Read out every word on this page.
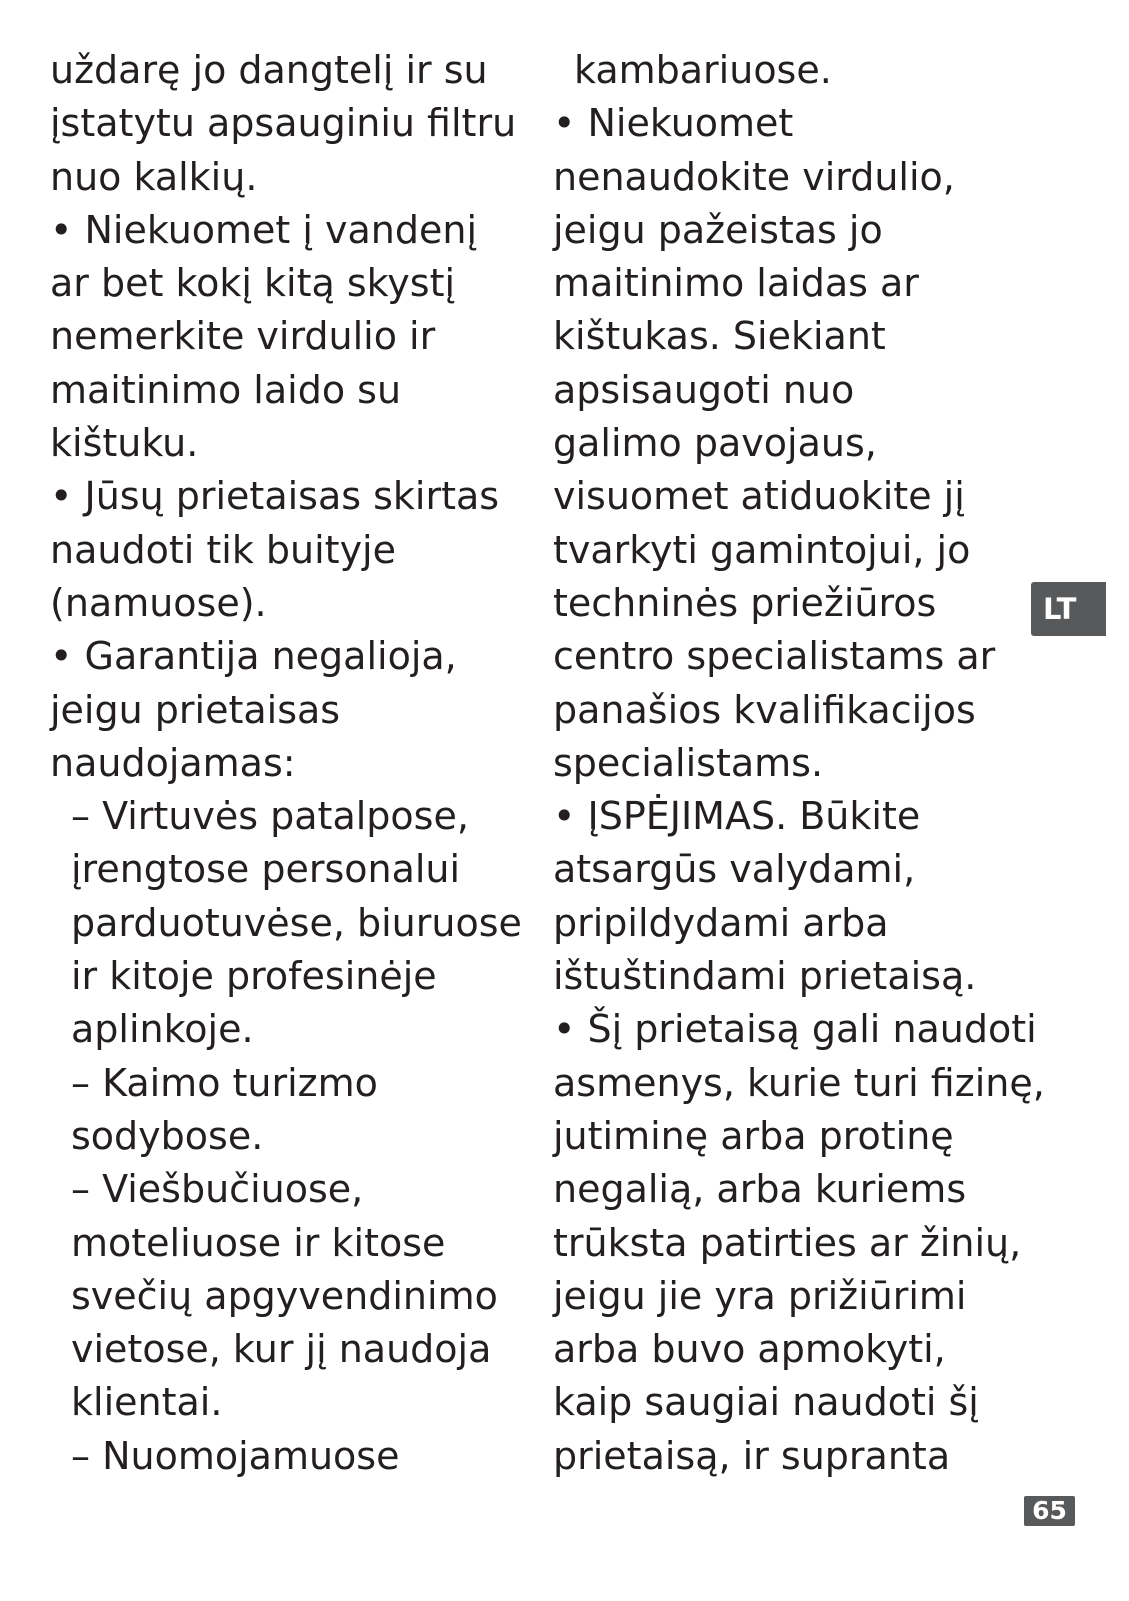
uždarę jo dangtelį ir su
įstatytu apsauginiu filtru
nuo kalkių.
• Niekuomet į vandenį
ar bet kokį kitą skystį
nemerkite virdulio ir
maitinimo laido su
kištuku.
• Jūsų prietaisas skirtas
naudoti tik buityje
(namuose).
• Garantija negalioja,
jeigu prietaisas
naudojamas:
– Virtuvės patalpose,
įrengtose personalui
parduotuvėse, biuruose
ir kitoje profesinėje
aplinkoje.
– Kaimo turizmo
sodybose.
– Viešbučiuose,
moteliuose ir kitose
svečių apgyvendinimo
vietose, kur jį naudoja
klientai.
– Nuomojamuose
kambariuose.
• Niekuomet
nenaudokite virdulio,
jeigu pažeistas jo
maitinimo laidas ar
kištukas. Siekiant
apsisaugoti nuo
galimo pavojaus,
visuomet atiduokite jį
tvarkyti gamintojui, jo
techninės priežiūros
centro specialistams ar
panašios kvalifikacijos
specialistams.
• ĮSPĖJIMAS. Būkite
atsargūs valydami,
pripildydami arba
ištuštindami prietaisą.
• Šį prietaisą gali naudoti
asmenys, kurie turi fizinę,
jutiminę arba protinę
negalią, arba kuriems
trūksta patirties ar žinių,
jeigu jie yra prižiūrimi
arba buvo apmokyti,
kaip saugiai naudoti šį
prietaisą, ir supranta
LT
65
